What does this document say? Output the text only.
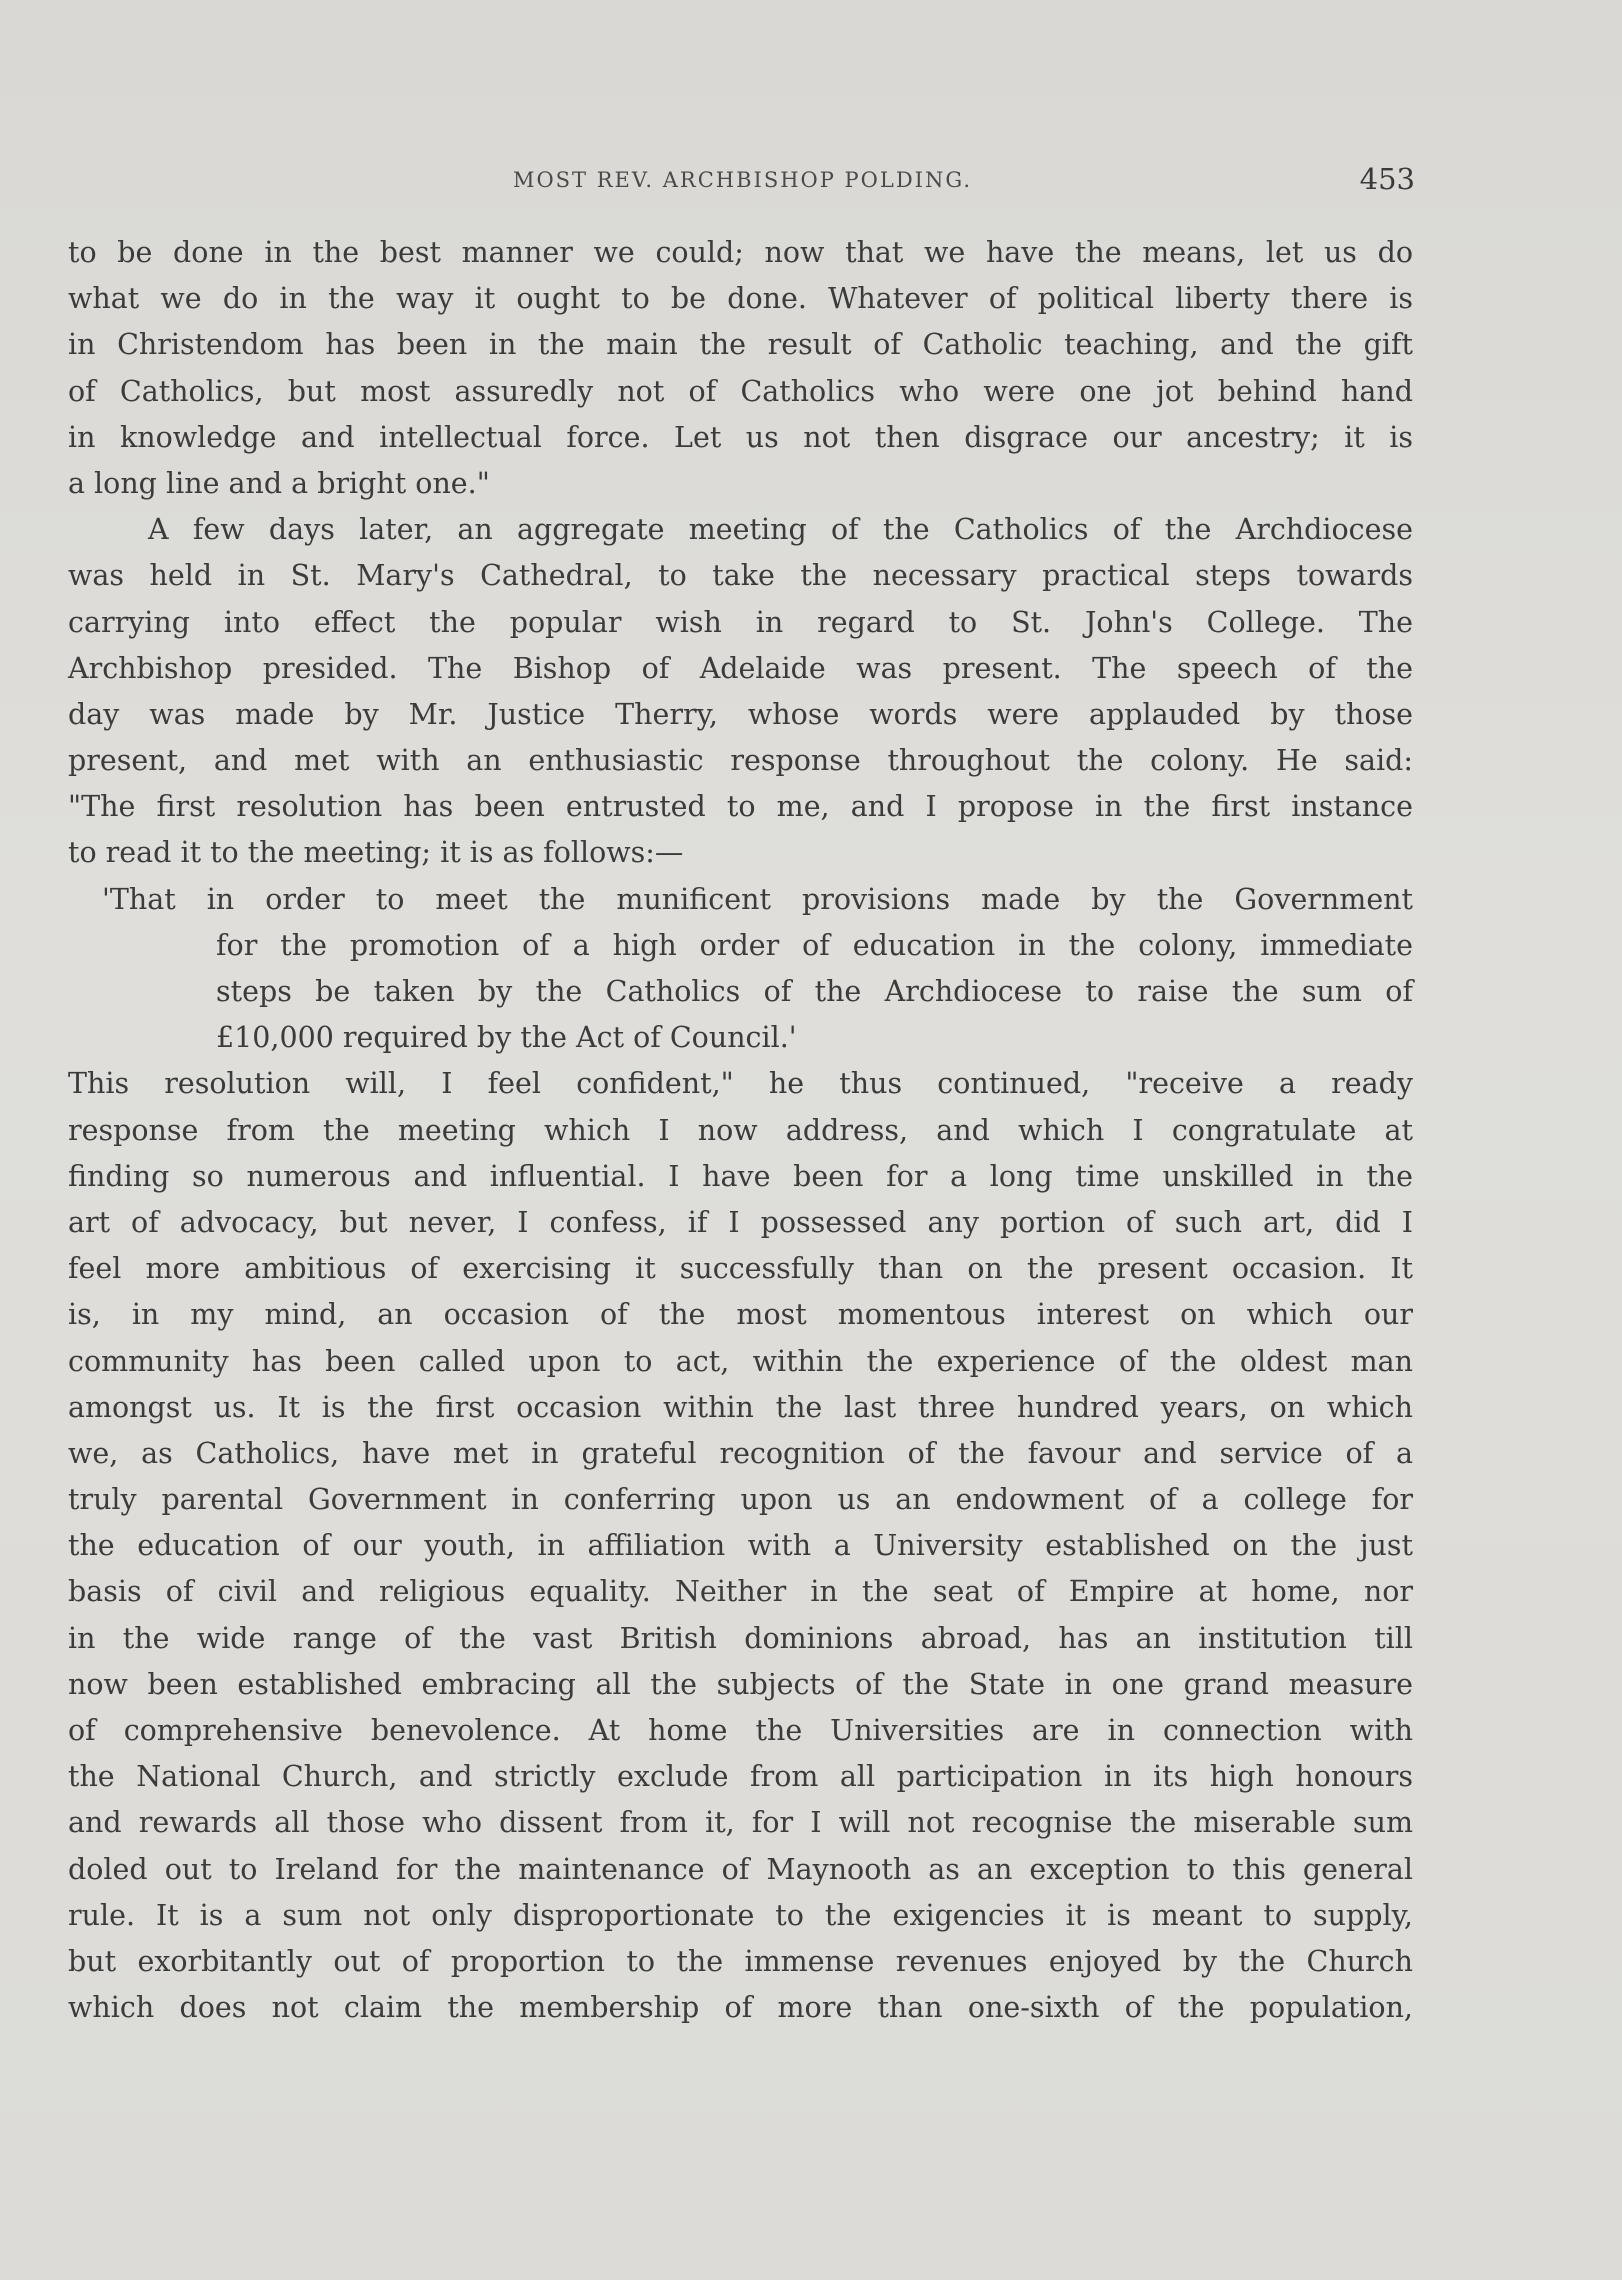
MOST REV. ARCHBISHOP POLDING.	453
to be done in the best manner we could; now that we have the means, let us do
what we do in the way it ought to be done. Whatever of political liberty there is
in Christendom has been in the main the result of Catholic teaching, and the gift
of Catholics, but most assuredly not of Catholics who were one jot behind hand
in knowledge and intellectual force. Let us not then disgrace our ancestry; it is
a long line and a bright one."
A few days later, an aggregate meeting of the Catholics of the Archdiocese
was held in St. Mary's Cathedral, to take the necessary practical steps towards
carrying into effect the popular wish in regard to St. John's College. The
Archbishop presided. The Bishop of Adelaide was present. The speech of the
day was made by Mr. Justice Therry, whose words were applauded by those
present, and met with an enthusiastic response throughout the colony. He said:
"The first resolution has been entrusted to me, and I propose in the first instance
to read it to the meeting; it is as follows:—
'That in order to meet the munificent provisions made by the Government
for the promotion of a high order of education in the colony, immediate
steps be taken by the Catholics of the Archdiocese to raise the sum of
£10,000 required by the Act of Council.'
This resolution will, I feel confident," he thus continued, "receive a ready
response from the meeting which I now address, and which I congratulate at
finding so numerous and influential. I have been for a long time unskilled in the
art of advocacy, but never, I confess, if I possessed any portion of such art, did I
feel more ambitious of exercising it successfully than on the present occasion. It
is, in my mind, an occasion of the most momentous interest on which our
community has been called upon to act, within the experience of the oldest man
amongst us. It is the first occasion within the last three hundred years, on which
we, as Catholics, have met in grateful recognition of the favour and service of a
truly parental Government in conferring upon us an endowment of a college for
the education of our youth, in affiliation with a University established on the just
basis of civil and religious equality. Neither in the seat of Empire at home, nor
in the wide range of the vast British dominions abroad, has an institution till
now been established embracing all the subjects of the State in one grand measure
of comprehensive benevolence. At home the Universities are in connection with
the National Church, and strictly exclude from all participation in its high honours
and rewards all those who dissent from it, for I will not recognise the miserable sum
doled out to Ireland for the maintenance of Maynooth as an exception to this general
rule. It is a sum not only disproportionate to the exigencies it is meant to supply,
but exorbitantly out of proportion to the immense revenues enjoyed by the Church
which does not claim the membership of more than one-sixth of the population,
